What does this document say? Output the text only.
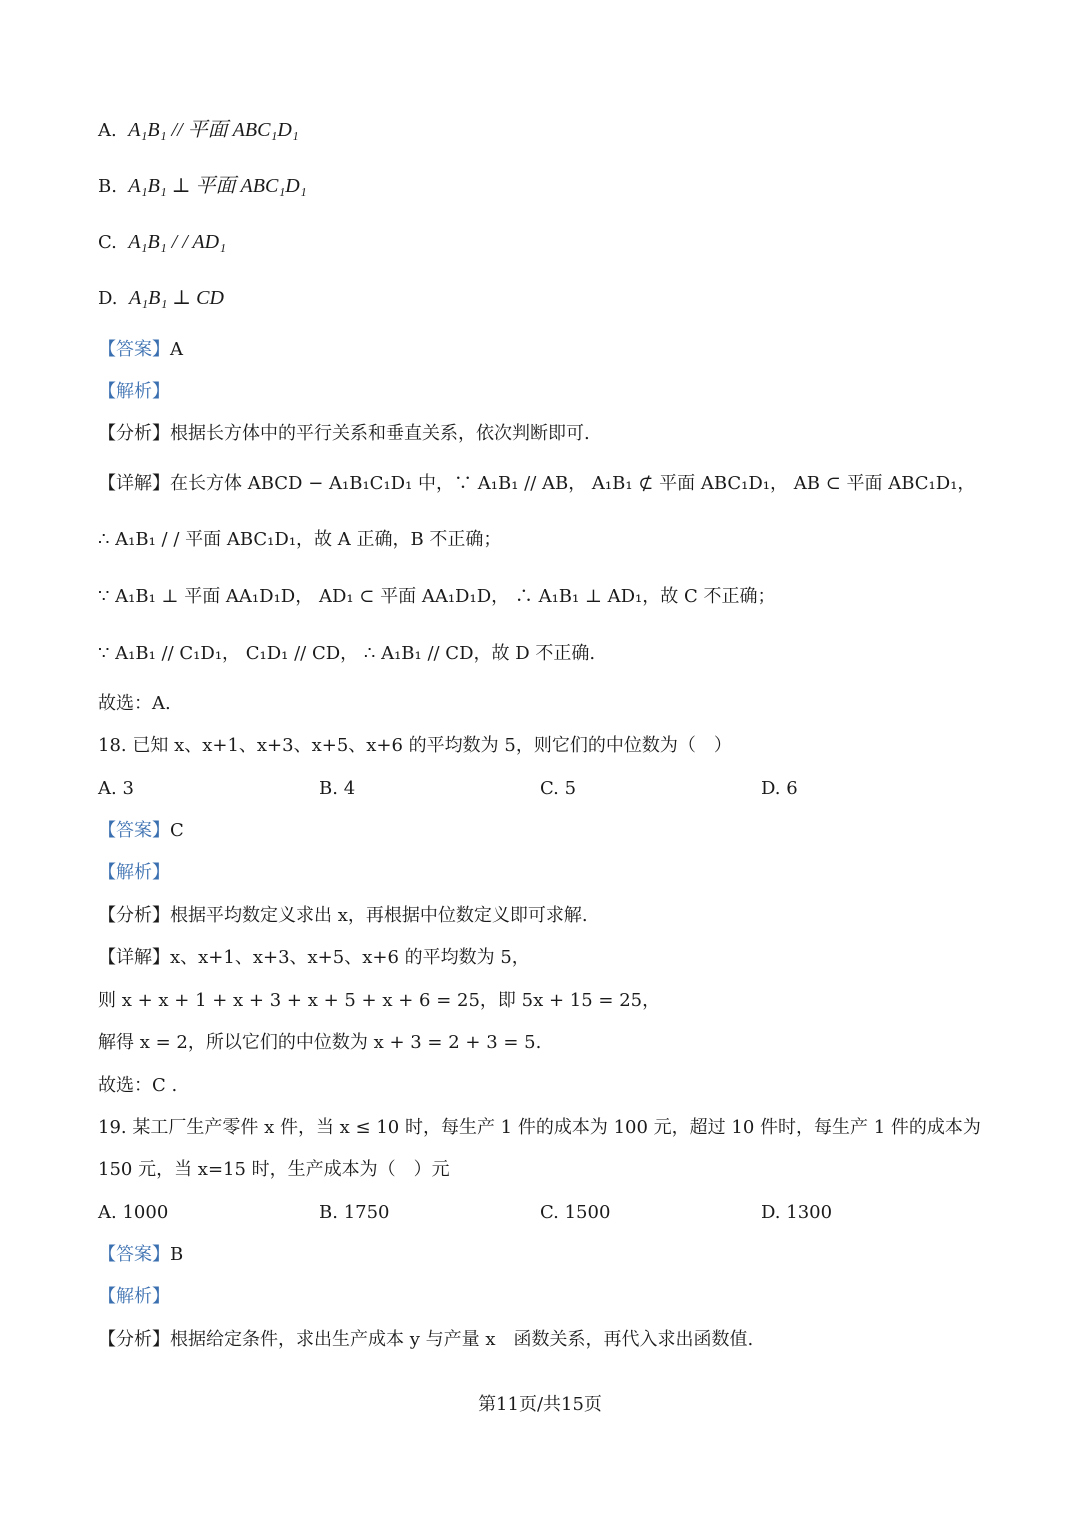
A. A₁B₁ // 平面 ABC₁D₁
B. A₁B₁ ⊥ 平面 ABC₁D₁
C. A₁B₁ / / AD₁
D. A₁B₁ ⊥ CD
【答案】A
【解析】
【分析】根据长方体中的平行关系和垂直关系，依次判断即可.
【详解】在长方体 ABCD − A₁B₁C₁D₁ 中，∵ A₁B₁ // AB， A₁B₁ ⊄ 平面 ABC₁D₁， AB ⊂ 平面 ABC₁D₁，
∴ A₁B₁ / / 平面 ABC₁D₁，故 A 正确，B 不正确；
∵ A₁B₁ ⊥ 平面 AA₁D₁D， AD₁ ⊂ 平面 AA₁D₁D， ∴ A₁B₁ ⊥ AD₁，故 C 不正确；
∵ A₁B₁ // C₁D₁， C₁D₁ // CD， ∴ A₁B₁ // CD，故 D 不正确.
故选：A.
18. 已知 x、x+1、x+3、x+5、x+6 的平均数为 5，则它们的中位数为（　）
A. 3	B. 4	C. 5	D. 6
【答案】C
【解析】
【分析】根据平均数定义求出 x，再根据中位数定义即可求解.
【详解】x、x+1、x+3、x+5、x+6 的平均数为 5，
则 x + x + 1 + x + 3 + x + 5 + x + 6 = 25，即 5x + 15 = 25，
解得 x = 2，所以它们的中位数为 x + 3 = 2 + 3 = 5.
故选：C .
19. 某工厂生产零件 x 件，当 x ≤ 10 时，每生产 1 件的成本为 100 元，超过 10 件时，每生产 1 件的成本为
150 元，当 x=15 时，生产成本为（　）元
A. 1000	B. 1750	C. 1500	D. 1300
【答案】B
【解析】
【分析】根据给定条件，求出生产成本 y 与产量 x　函数关系，再代入求出函数值.
第11页/共15页
